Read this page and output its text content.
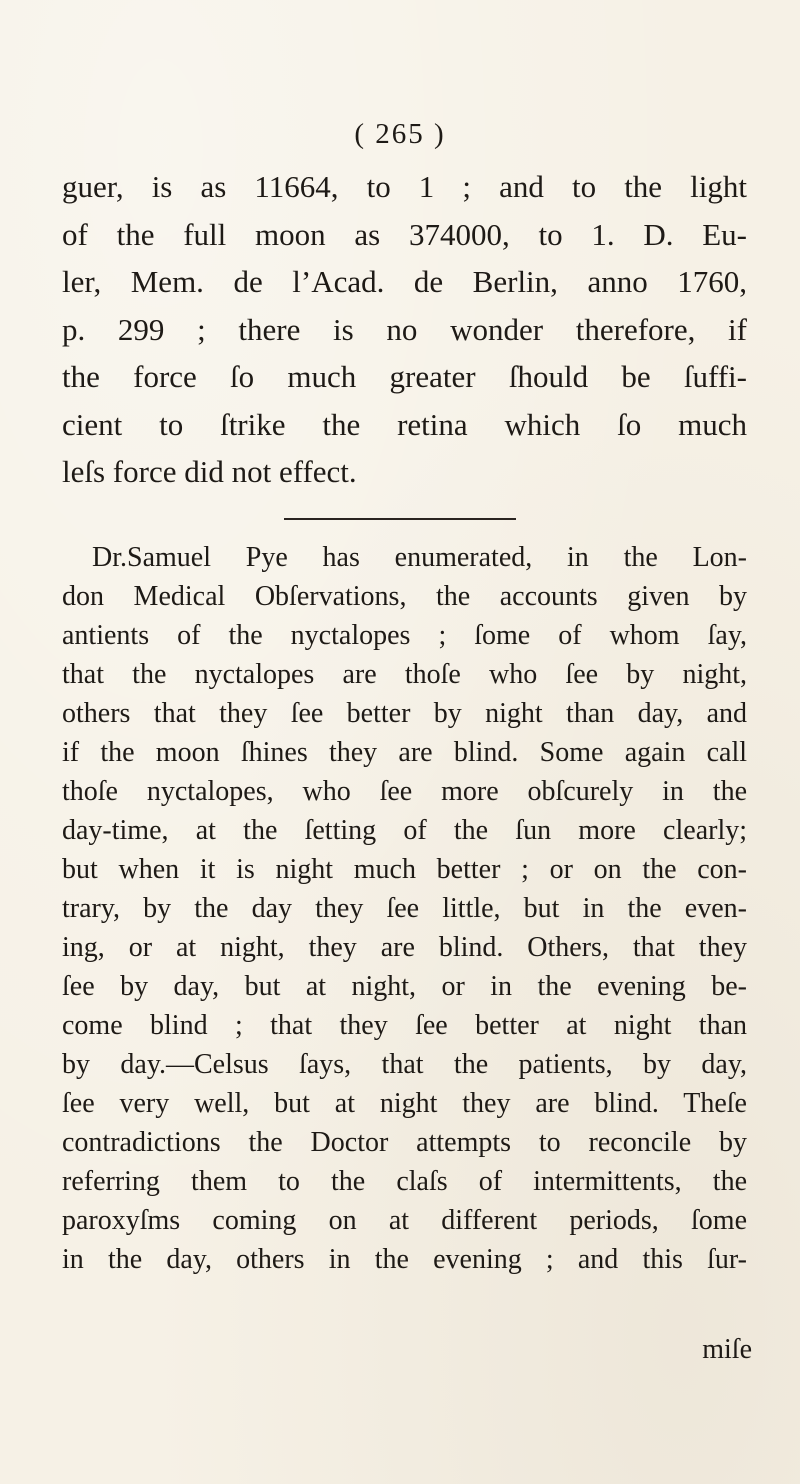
( 265 )
guer, is as 11664, to 1 ; and to the light
of the full moon as 374000, to 1. D. Eu-
ler, Mem. de l’Acad. de Berlin, anno 1760,
p. 299 ; there is no wonder therefore, if
the force ſo much greater ſhould be ſuffi-
cient to ſtrike the retina which ſo much
leſs force did not effect.
Dr.Samuel Pye has enumerated, in the Lon-
don Medical Obſervations, the accounts given by
antients of the nyctalopes ; ſome of whom ſay,
that the nyctalopes are thoſe who ſee by night,
others that they ſee better by night than day, and
if the moon ſhines they are blind. Some again call
thoſe nyctalopes, who ſee more obſcurely in the
day-time, at the ſetting of the ſun more clearly;
but when it is night much better ; or on the con-
trary, by the day they ſee little, but in the even-
ing, or at night, they are blind. Others, that they
ſee by day, but at night, or in the evening be-
come blind ; that they ſee better at night than
by day.—Celsus ſays, that the patients, by day,
ſee very well, but at night they are blind. Theſe
contradictions the Doctor attempts to reconcile by
referring them to the claſs of intermittents, the
paroxyſms coming on at different periods, ſome
in the day, others in the evening ; and this ſur-
miſe
